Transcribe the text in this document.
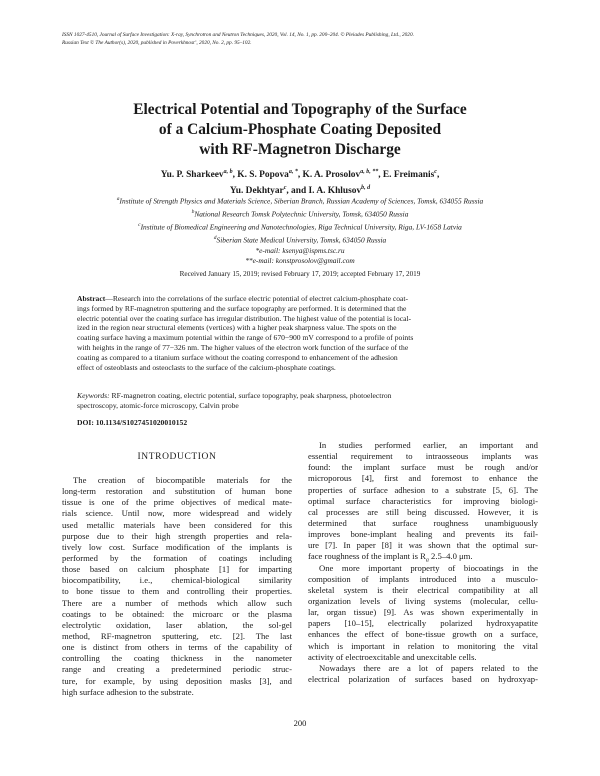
ISSN 1027-4510, Journal of Surface Investigation: X-ray, Synchrotron and Neutron Techniques, 2020, Vol. 14, No. 1, pp. 200–204. © Pleiades Publishing, Ltd., 2020.
Russian Text © The Author(s), 2020, published in Poverkhnost’, 2020, No. 2, pp. 95–102.
Electrical Potential and Topography of the Surface
of a Calcium-Phosphate Coating Deposited
with RF-Magnetron Discharge
Yu. P. Sharkeev$^{a, b}$, K. S. Popova$^{a, *}$, K. A. Prosolov$^{a, b, **}$, E. Freimanis$^c$,
Yu. Dekhtyar$^c$, and I. A. Khlusov$^{b, d}$
$^a$Institute of Strength Physics and Materials Science, Siberian Branch, Russian Academy of Sciences, Tomsk, 634055 Russia
$^b$National Research Tomsk Polytechnic University, Tomsk, 634050 Russia
$^c$Institute of Biomedical Engineering and Nanotechnologies, Riga Technical University, Riga, LV-1658 Latvia
$^d$Siberian State Medical University, Tomsk, 634050 Russia
*e-mail: ksenya@ispms.tsc.ru
**e-mail: konstprosolov@gmail.com
Received January 15, 2019; revised February 17, 2019; accepted February 17, 2019
Abstract—Research into the correlations of the surface electric potential of electret calcium-phosphate coat-
ings formed by RF-magnetron sputtering and the surface topography are performed. It is determined that the
electric potential over the coating surface has irregular distribution. The highest value of the potential is local-
ized in the region near structural elements (vertices) with a higher peak sharpness value. The spots on the
coating surface having a maximum potential within the range of 670−900 mV correspond to a profile of points
with heights in the range of 77−326 nm. The higher values of the electron work function of the surface of the
coating as compared to a titanium surface without the coating correspond to enhancement of the adhesion
effect of osteoblasts and osteoclasts to the surface of the calcium-phosphate coatings.
Keywords: RF-magnetron coating, electric potential, surface topography, peak sharpness, photoelectron
spectroscopy, atomic-force microscopy, Calvin probe
DOI: 10.1134/S1027451020010152
INTRODUCTION
The creation of biocompatible materials for the
long-term restoration and substitution of human bone
tissue is one of the prime objectives of medical mate-
rials science. Until now, more widespread and widely
used metallic materials have been considered for this
purpose due to their high strength properties and rela-
tively low cost. Surface modification of the implants is
performed by the formation of coatings including
those based on calcium phosphate [1] for imparting
biocompatibility, i.e., chemical-biological similarity
to bone tissue to them and controlling their properties.
There are a number of methods which allow such
coatings to be obtained: the microarc or the plasma
electrolytic oxidation, laser ablation, the sol-gel
method, RF-magnetron sputtering, etc. [2]. The last
one is distinct from others in terms of the capability of
controlling the coating thickness in the nanometer
range and creating a predetermined periodic struc-
ture, for example, by using deposition masks [3], and
high surface adhesion to the substrate.
In studies performed earlier, an important and
essential requirement to intraosseous implants was
found: the implant surface must be rough and/or
microporous [4], first and foremost to enhance the
properties of surface adhesion to a substrate [5, 6]. The
optimal surface characteristics for improving biologi-
cal processes are still being discussed. However, it is
determined that surface roughness unambiguously
improves bone-implant healing and prevents its fail-
ure [7]. In paper [8] it was shown that the optimal sur-
face roughness of the implant is $R_a$ 2.5–4.0 μm.
One more important property of biocoatings in the
composition of implants introduced into a musculo-
skeletal system is their electrical compatibility at all
organization levels of living systems (molecular, cellu-
lar, organ tissue) [9]. As was shown experimentally in
papers [10–15], electrically polarized hydroxyapatite
enhances the effect of bone-tissue growth on a surface,
which is important in relation to monitoring the vital
activity of electroexcitable and unexcitable cells.
Nowadays there are a lot of papers related to the
electrical polarization of surfaces based on hydroxyap-
200
